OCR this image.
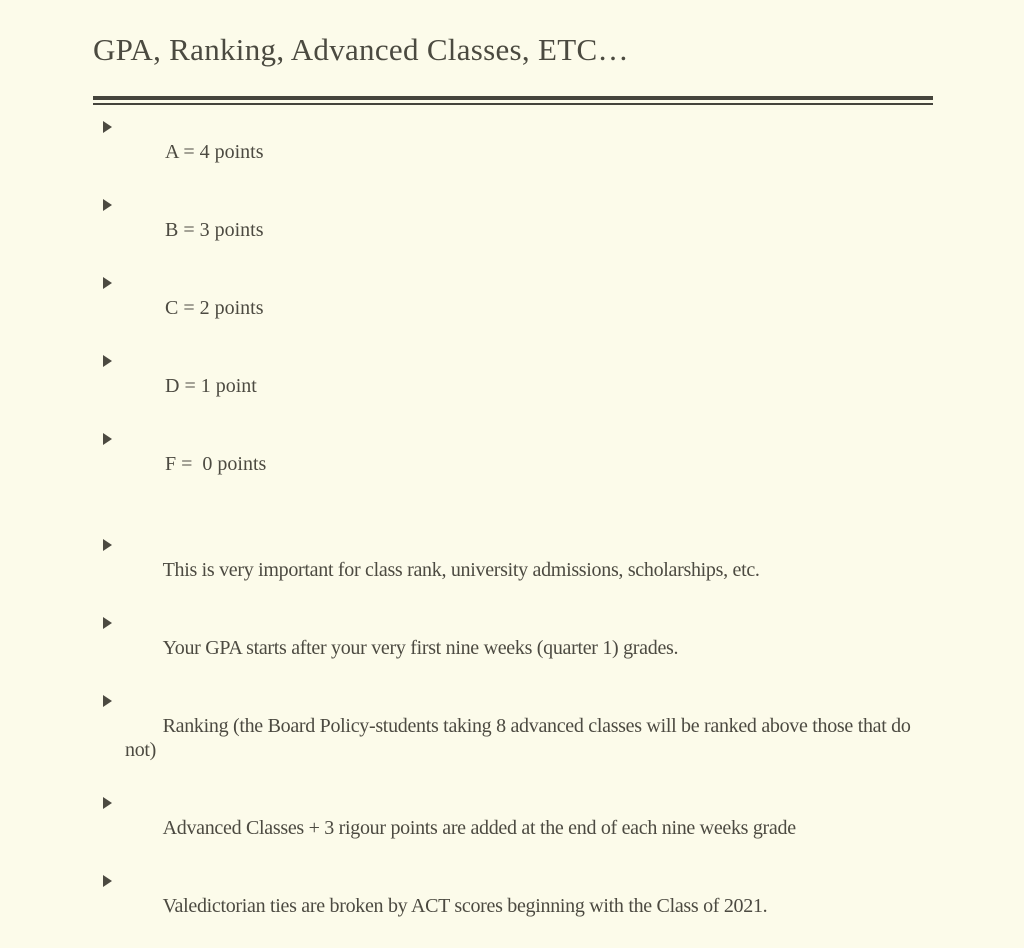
GPA, Ranking, Advanced Classes, ETC…

A = 4 points

B = 3 points

C = 2 points

D = 1 point

F =  0 points

This is very important for class rank, university admissions, scholarships, etc.

Your GPA starts after your very first nine weeks (quarter 1) grades.

Ranking (the Board Policy-students taking 8 advanced classes will be ranked above those that do not)

Advanced Classes + 3 rigour points are added at the end of each nine weeks grade

Valedictorian ties are broken by ACT scores beginning with the Class of 2021.
